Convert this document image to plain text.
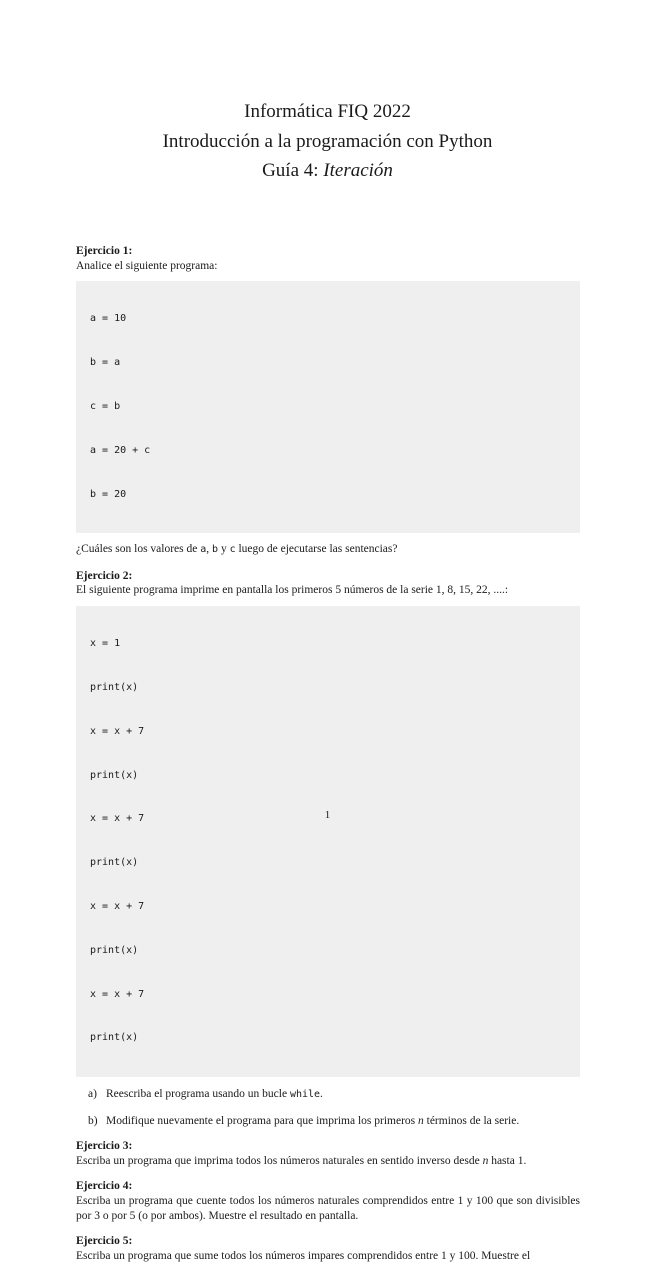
Informática FIQ 2022
Introducción a la programación con Python
Guía 4: Iteración
Ejercicio 1:

Analice el siguiente programa:

a = 10

b = a

c = b

a = 20 + c

b = 20

¿Cuáles son los valores de a, b y c luego de ejecutarse las sentencias?

Ejercicio 2:

El siguiente programa imprime en pantalla los primeros 5 números de la serie 1, 8, 15, 22, ....:

x = 1

print(x)

x = x + 7

print(x)

x = x + 7

print(x)

x = x + 7

print(x)

x = x + 7

print(x)

a) Reescriba el programa usando un bucle while.
b) Modifique nuevamente el programa para que imprima los primeros n términos de la serie.
Ejercicio 3:

Escriba un programa que imprima todos los números naturales en sentido inverso desde n hasta 1.

Ejercicio 4:

Escriba un programa que cuente todos los números naturales comprendidos entre 1 y 100 que son divisibles por 3 o por 5 (o por ambos). Muestre el resultado en pantalla.

Ejercicio 5:

Escriba un programa que sume todos los números impares comprendidos entre 1 y 100. Muestre el

1
